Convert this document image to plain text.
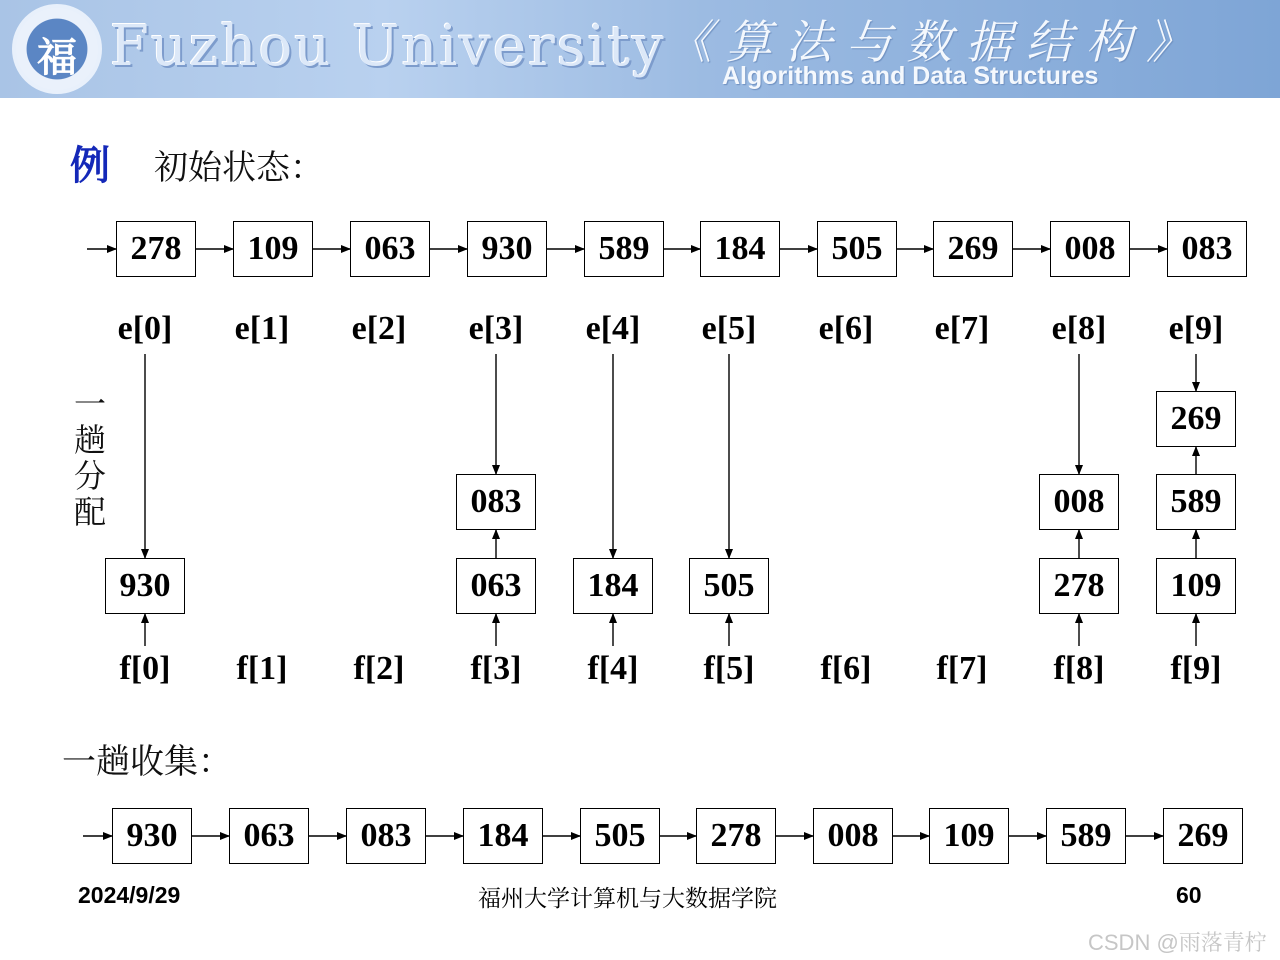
福 Fuzhou University 《算法与数据结构》
Algorithms and Data Structures
例 初始状态：
一趟分配
一趟收集：
278	109	063	930	589	184	505	269	008	083
e[0] e[1] e[2] e[3] e[4] e[5] e[6] e[7] e[8] e[9]
f[0] f[1] f[2] f[3] f[4] f[5] f[6] f[7] f[8] f[9]
930	063
083
184	505	278
008
109
589
269
930	063	083	184	505	278	008	109	589	269
2024/9/29	福州大学计算机与大数据学院	60
CSDN @雨落青柠
